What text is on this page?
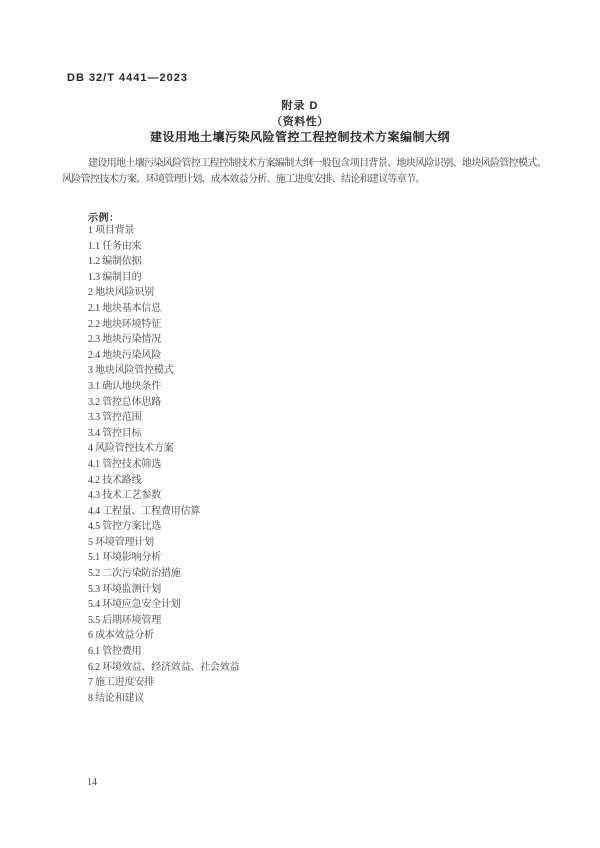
DB 32/T 4441—2023
附录 D
（资料性）
建设用地土壤污染风险管控工程控制技术方案编制大纲

建设用地土壤污染风险管控工程控制技术方案编制大纲一般包含项目背景、地块风险识别、地块风险管控模式、风险管控技术方案、环境管理计划、成本效益分析、施工进度安排、结论和建议等章节。

示例：
1 项目背景
1.1 任务由来
1.2 编制依据
1.3 编制目的
2 地块风险识别
2.1 地块基本信息
2.2 地块环境特征
2.3 地块污染情况
2.4 地块污染风险
3 地块风险管控模式
3.1 确认地块条件
3.2 管控总体思路
3.3 管控范围
3.4 管控目标
4 风险管控技术方案
4.1 管控技术筛选
4.2 技术路线
4.3 技术工艺参数
4.4 工程量、工程费用估算
4.5 管控方案比选
5 环境管理计划
5.1 环境影响分析
5.2 二次污染防治措施
5.3 环境监测计划
5.4 环境应急安全计划
5.5 后期环境管理
6 成本效益分析
6.1 管控费用
6.2 环境效益、经济效益、社会效益
7 施工进度安排
8 结论和建议
14
